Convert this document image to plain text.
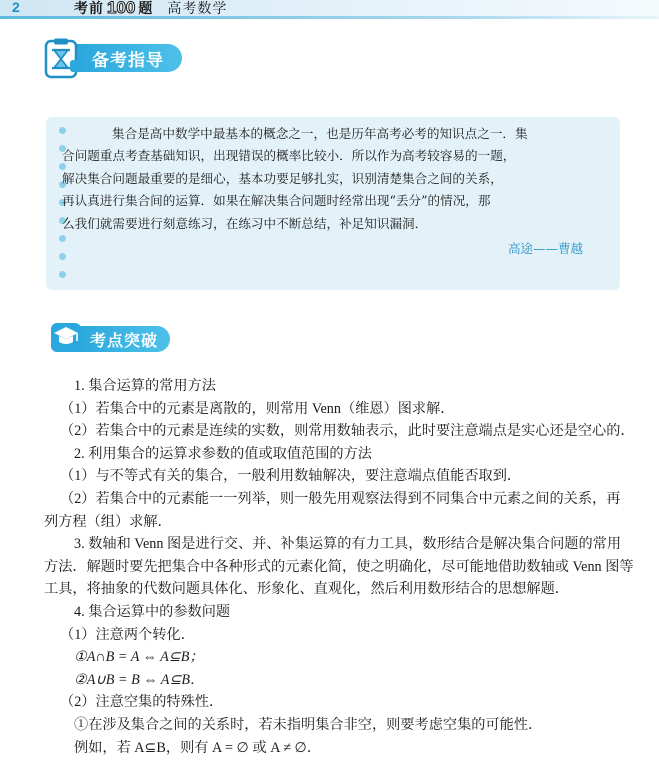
2	考前 100 题 高考数学
备考指导
集合是高中数学中最基本的概念之一，也是历年高考必考的知识点之一．集
合问题重点考查基础知识，出现错误的概率比较小．所以作为高考较容易的一题，
解决集合问题最重要的是细心，基本功要足够扎实，识别清楚集合之间的关系，
再认真进行集合间的运算．如果在解决集合问题时经常出现“丢分”的情况，那
么我们就需要进行刻意练习，在练习中不断总结，补足知识漏洞．
高途——曹越
考点突破

1. 集合运算的常用方法

（1）若集合中的元素是离散的，则常用 Venn（维恩）图求解．

（2）若集合中的元素是连续的实数，则常用数轴表示，此时要注意端点是实心还是空心的．

2. 利用集合的运算求参数的值或取值范围的方法

（1）与不等式有关的集合，一般利用数轴解决，要注意端点值能否取到．

（2）若集合中的元素能一一列举，则一般先用观察法得到不同集合中元素之间的关系，再

列方程（组）求解．

3. 数轴和 Venn 图是进行交、并、补集运算的有力工具，数形结合是解决集合问题的常用

方法．解题时要先把集合中各种形式的元素化简，使之明确化，尽可能地借助数轴或 Venn 图等

工具，将抽象的代数问题具体化、形象化、直观化，然后利用数形结合的思想解题．

4. 集合运算中的参数问题

（1）注意两个转化．

①A∩B = A ⇔ A⊆B；

②A∪B = B ⇔ A⊆B．

（2）注意空集的特殊性．

①在涉及集合之间的关系时，若未指明集合非空，则要考虑空集的可能性．

例如，若 A⊆B，则有 A = ∅ 或 A ≠ ∅．
